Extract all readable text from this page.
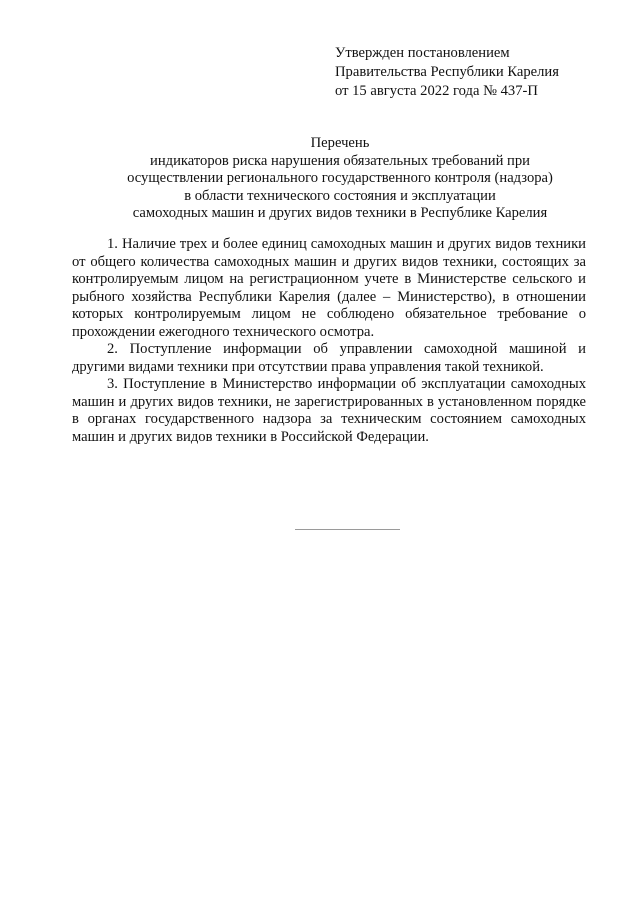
Утвержден постановлением
Правительства Республики Карелия
от 15 августа 2022 года № 437-П
Перечень
индикаторов риска нарушения обязательных требований при
осуществлении регионального государственного контроля (надзора)
в области технического состояния и эксплуатации
самоходных машин и других видов техники в Республике Карелия

1. Наличие трех и более единиц самоходных машин и других видов техники от общего количества самоходных машин и других видов техники, состоящих за контролируемым лицом на регистрационном учете в Министерстве сельского и рыбного хозяйства Республики Карелия (далее – Министерство), в отношении которых контролируемым лицом не соблюдено обязательное требование о прохождении ежегодного технического осмотра.

2. Поступление информации об управлении самоходной машиной и другими видами техники при отсутствии права управления такой техникой.

3. Поступление в Министерство информации об эксплуатации самоходных машин и других видов техники, не зарегистрированных в установленном порядке в органах государственного надзора за техническим состоянием самоходных машин и других видов техники в Российской Федерации.
